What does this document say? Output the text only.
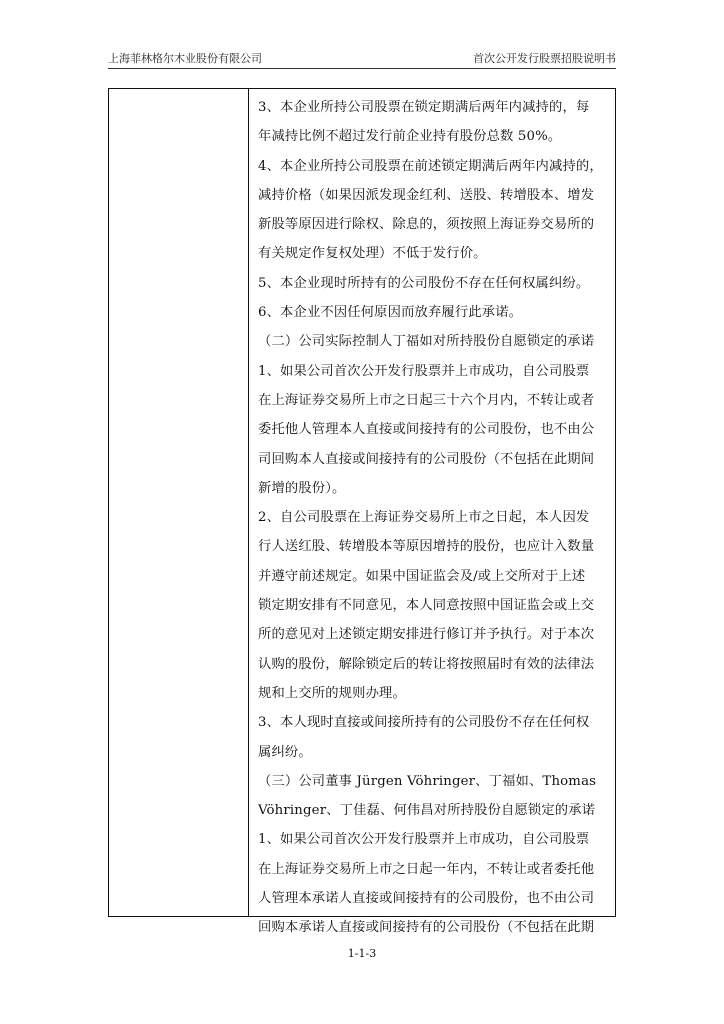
上海菲林格尔木业股份有限公司	首次公开发行股票招股说明书
3、本企业所持公司股票在锁定期满后两年内减持的，每
年减持比例不超过发行前企业持有股份总数 50%。
4、本企业所持公司股票在前述锁定期满后两年内减持的，
减持价格（如果因派发现金红利、送股、转增股本、增发
新股等原因进行除权、除息的，须按照上海证券交易所的
有关规定作复权处理）不低于发行价。
5、本企业现时所持有的公司股份不存在任何权属纠纷。
6、本企业不因任何原因而放弃履行此承诺。
（二）公司实际控制人丁福如对所持股份自愿锁定的承诺
1、如果公司首次公开发行股票并上市成功，自公司股票
在上海证券交易所上市之日起三十六个月内，不转让或者
委托他人管理本人直接或间接持有的公司股份，也不由公
司回购本人直接或间接持有的公司股份（不包括在此期间
新增的股份）。
2、自公司股票在上海证券交易所上市之日起，本人因发
行人送红股、转增股本等原因增持的股份，也应计入数量
并遵守前述规定。如果中国证监会及/或上交所对于上述
锁定期安排有不同意见，本人同意按照中国证监会或上交
所的意见对上述锁定期安排进行修订并予执行。对于本次
认购的股份，解除锁定后的转让将按照届时有效的法律法
规和上交所的规则办理。
3、本人现时直接或间接所持有的公司股份不存在任何权
属纠纷。
（三）公司董事 Jürgen Vöhringer、丁福如、Thomas
Vöhringer、丁佳磊、何伟昌对所持股份自愿锁定的承诺
1、如果公司首次公开发行股票并上市成功，自公司股票
在上海证券交易所上市之日起一年内，不转让或者委托他
人管理本承诺人直接或间接持有的公司股份，也不由公司
回购本承诺人直接或间接持有的公司股份（不包括在此期
1-1-3
